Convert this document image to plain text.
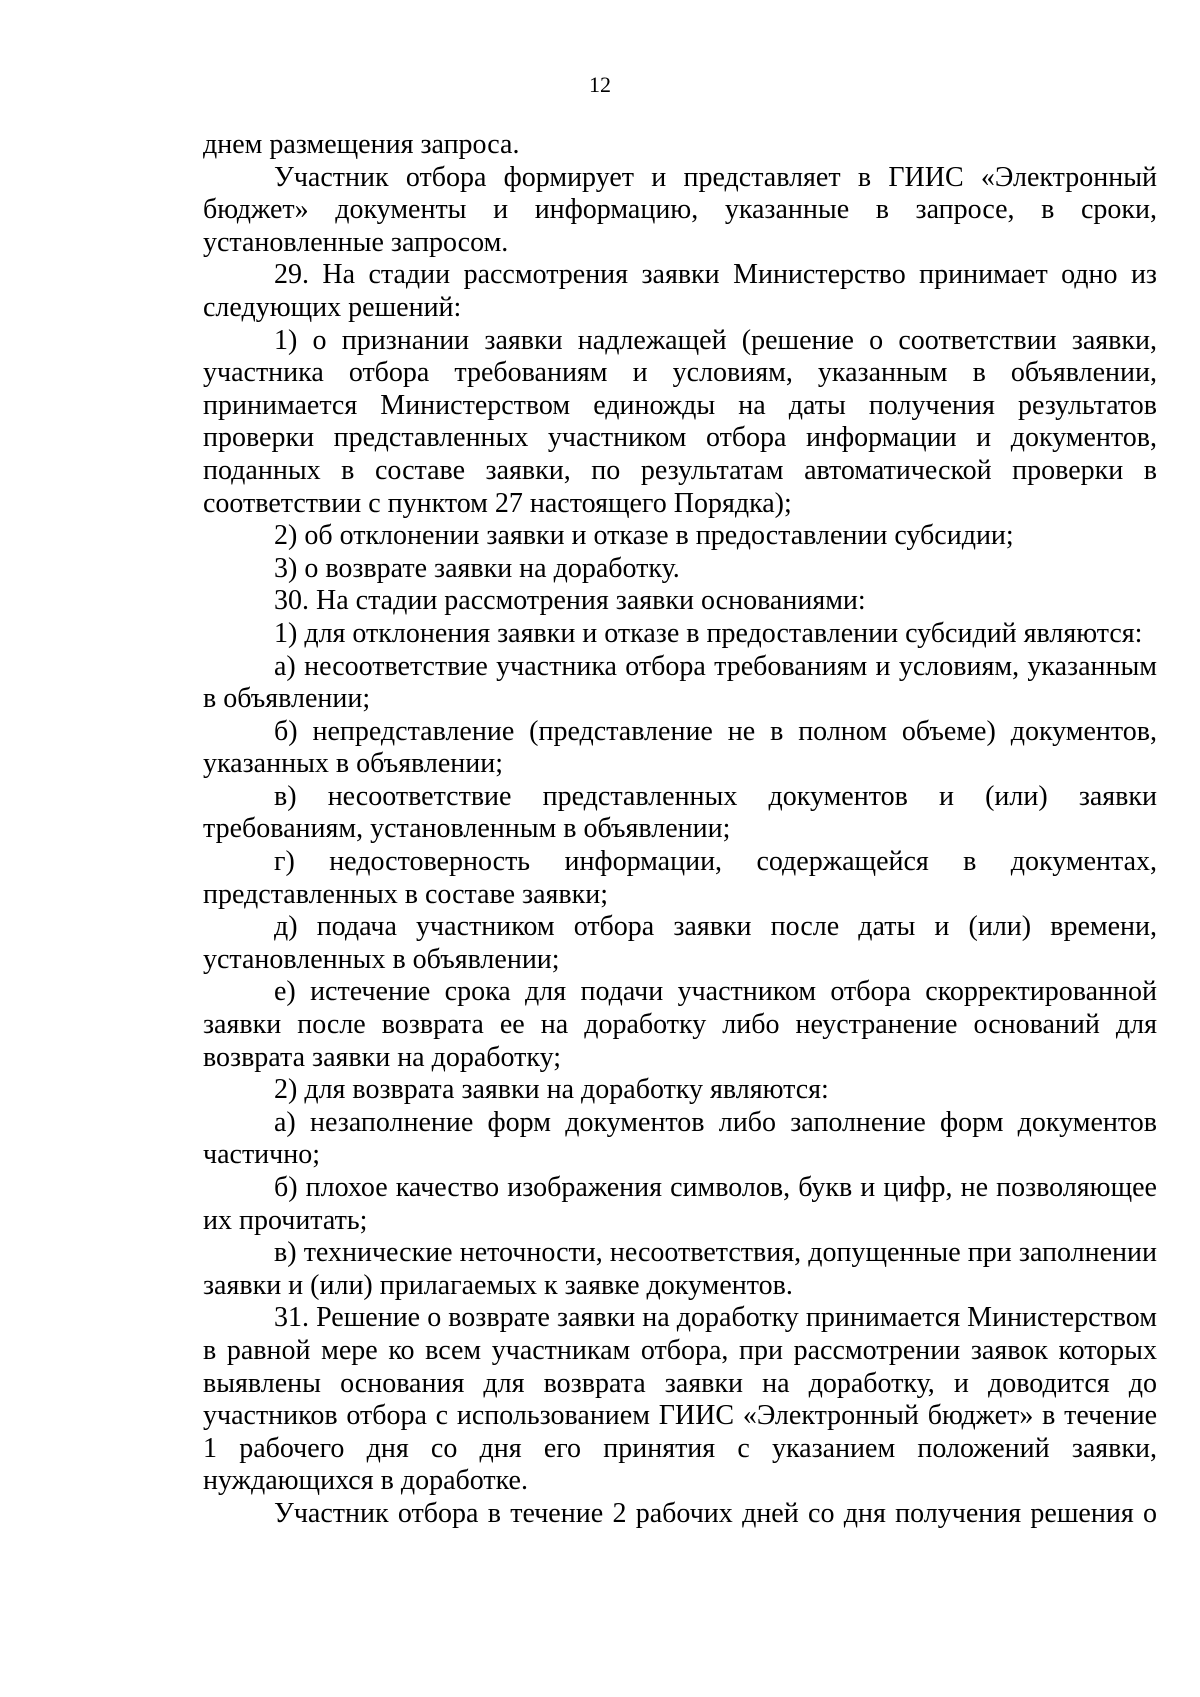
12

днем размещения запроса.

Участник отбора формирует и представляет в ГИИС «Электронный бюджет» документы и информацию, указанные в запросе, в сроки, установленные запросом.

29. На стадии рассмотрения заявки Министерство принимает одно из следующих решений:

1) о признании заявки надлежащей (решение о соответствии заявки, участника отбора требованиям и условиям, указанным в объявлении, принимается Министерством единожды на даты получения результатов проверки представленных участником отбора информации и документов, поданных в составе заявки, по результатам автоматической проверки в соответствии с пунктом 27 настоящего Порядка);

2) об отклонении заявки и отказе в предоставлении субсидии;

3) о возврате заявки на доработку.

30. На стадии рассмотрения заявки основаниями:

1) для отклонения заявки и отказе в предоставлении субсидий являются:

а) несоответствие участника отбора требованиям и условиям, указанным в объявлении;

б) непредставление (представление не в полном объеме) документов, указанных в объявлении;

в) несоответствие представленных документов и (или) заявки требованиям, установленным в объявлении;

г) недостоверность информации, содержащейся в документах, представленных в составе заявки;

д) подача участником отбора заявки после даты и (или) времени, установленных в объявлении;

е) истечение срока для подачи участником отбора скорректированной заявки после возврата ее на доработку либо неустранение оснований для возврата заявки на доработку;

2) для возврата заявки на доработку являются:

а) незаполнение форм документов либо заполнение форм документов частично;

б) плохое качество изображения символов, букв и цифр, не позволяющее их прочитать;

в) технические неточности, несоответствия, допущенные при заполнении заявки и (или) прилагаемых к заявке документов.

31. Решение о возврате заявки на доработку принимается Министерством в равной мере ко всем участникам отбора, при рассмотрении заявок которых выявлены основания для возврата заявки на доработку, и доводится до участников отбора с использованием ГИИС «Электронный бюджет» в течение 1 рабочего дня со дня его принятия с указанием положений заявки, нуждающихся в доработке.

Участник отбора в течение 2 рабочих дней со дня получения решения о
